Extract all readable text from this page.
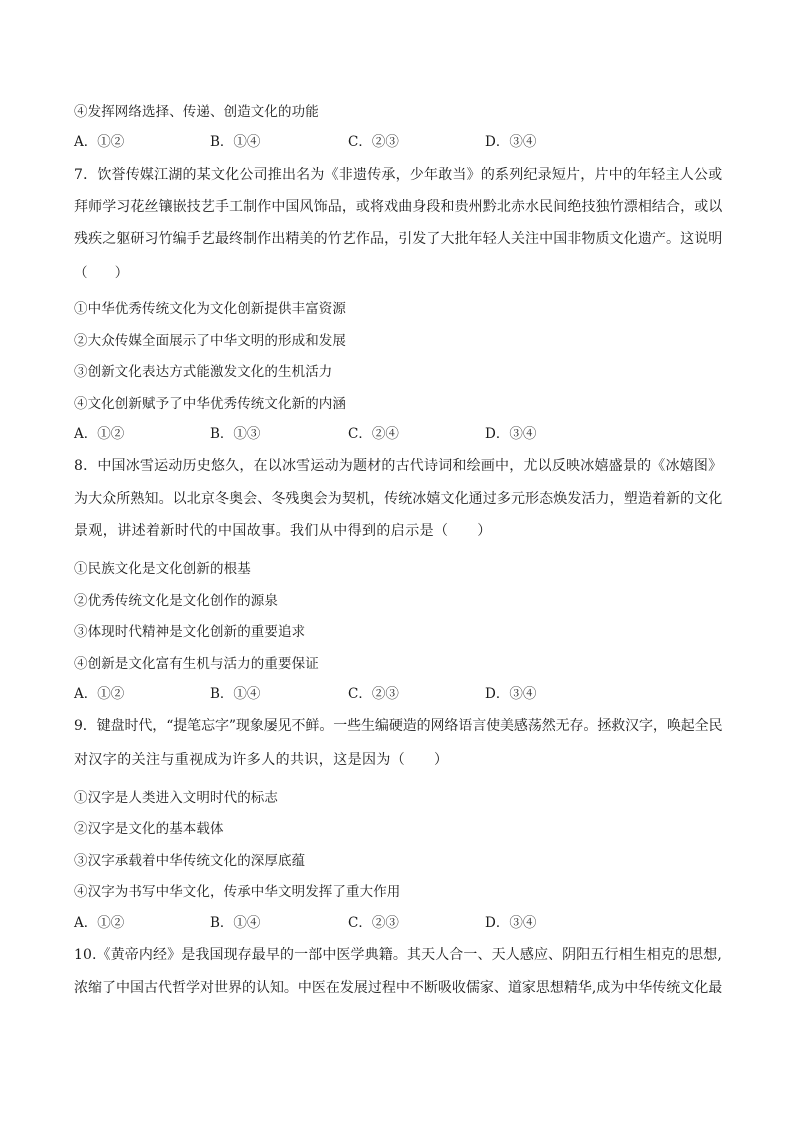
④发挥网络选择、传递、创造文化的功能
A．①②	B．①④	C．②③	D．③④
7．饮誉传媒江湖的某文化公司推出名为《非遗传承，少年敢当》的系列纪录短片，片中的年轻主人公或
拜师学习花丝镶嵌技艺手工制作中国风饰品，或将戏曲身段和贵州黔北赤水民间绝技独竹漂相结合，或以
残疾之躯研习竹编手艺最终制作出精美的竹艺作品，引发了大批年轻人关注中国非物质文化遗产。这说明
（　　）
①中华优秀传统文化为文化创新提供丰富资源
②大众传媒全面展示了中华文明的形成和发展
③创新文化表达方式能激发文化的生机活力
④文化创新赋予了中华优秀传统文化新的内涵
A．①②	B．①③	C．②④	D．③④
8．中国冰雪运动历史悠久，在以冰雪运动为题材的古代诗词和绘画中，尤以反映冰嬉盛景的《冰嬉图》
为大众所熟知。以北京冬奥会、冬残奥会为契机，传统冰嬉文化通过多元形态焕发活力，塑造着新的文化
景观，讲述着新时代的中国故事。我们从中得到的启示是（　　）
①民族文化是文化创新的根基
②优秀传统文化是文化创作的源泉
③体现时代精神是文化创新的重要追求
④创新是文化富有生机与活力的重要保证
A．①②	B．①④	C．②③	D．③④
9．键盘时代，“提笔忘字”现象屡见不鲜。一些生编硬造的网络语言使美感荡然无存。拯救汉字，唤起全民
对汉字的关注与重视成为许多人的共识，这是因为（　　）
①汉字是人类进入文明时代的标志
②汉字是文化的基本载体
③汉字承载着中华传统文化的深厚底蕴
④汉字为书写中华文化，传承中华文明发挥了重大作用
A．①②	B．①④	C．②③	D．③④
10.《黄帝内经》是我国现存最早的一部中医学典籍。其天人合一、天人感应、阴阳五行相生相克的思想,
浓缩了中国古代哲学对世界的认知。中医在发展过程中不断吸收儒家、道家思想精华,成为中华传统文化最
